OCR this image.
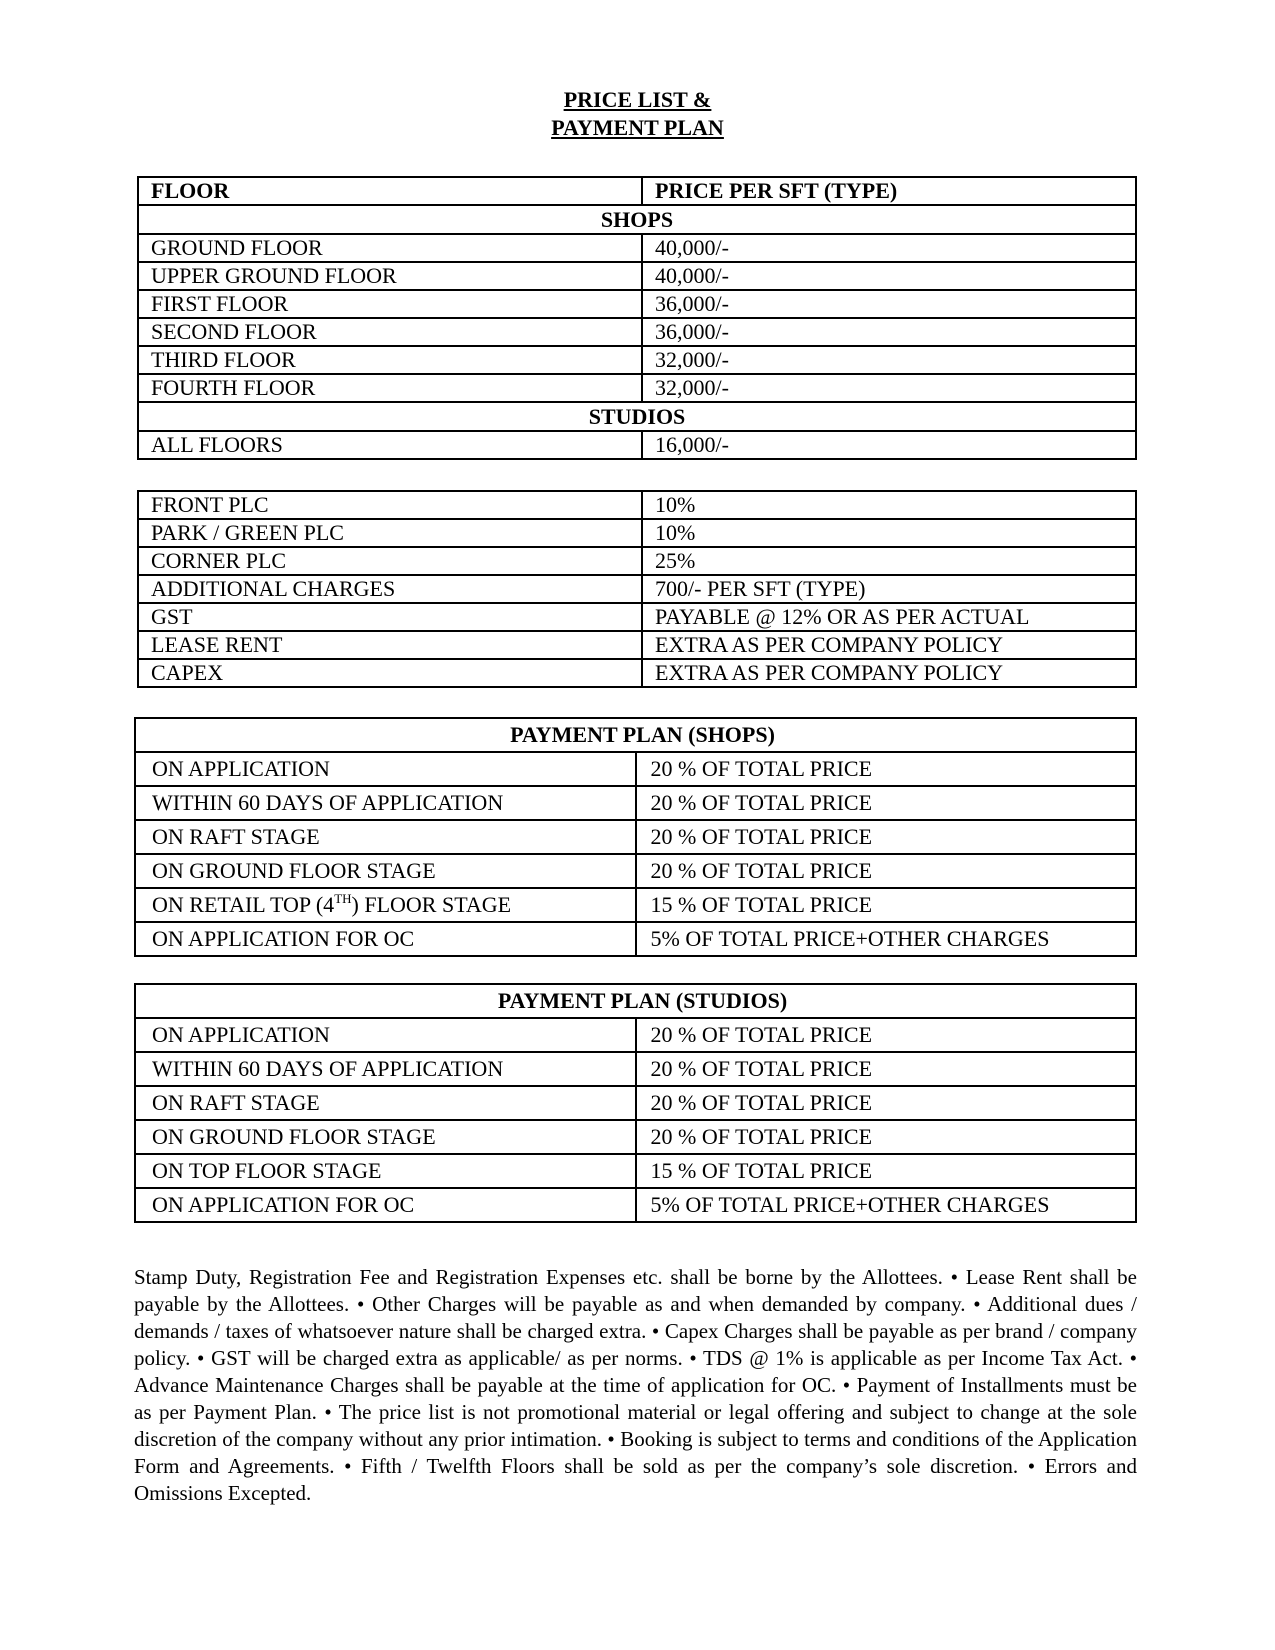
PRICE LIST &
PAYMENT PLAN
FLOOR	PRICE PER SFT (TYPE)
SHOPS	
GROUND FLOOR	40,000/-
UPPER GROUND FLOOR	40,000/-
FIRST FLOOR	36,000/-
SECOND FLOOR	36,000/-
THIRD FLOOR	32,000/-
FOURTH FLOOR	32,000/-
STUDIOS	
ALL FLOORS	16,000/-
FRONT PLC	10%
PARK / GREEN PLC	10%
CORNER PLC	25%
ADDITIONAL CHARGES	700/- PER SFT (TYPE)
GST	PAYABLE @ 12% OR AS PER ACTUAL
LEASE RENT	EXTRA AS PER COMPANY POLICY
CAPEX	EXTRA AS PER COMPANY POLICY
PAYMENT PLAN (SHOPS)	
ON APPLICATION	20 % OF TOTAL PRICE
WITHIN 60 DAYS OF APPLICATION	20 % OF TOTAL PRICE
ON RAFT STAGE	20 % OF TOTAL PRICE
ON GROUND FLOOR STAGE	20 % OF TOTAL PRICE
ON RETAIL TOP (4TH) FLOOR STAGE	15 % OF TOTAL PRICE
ON APPLICATION FOR OC	5% OF TOTAL PRICE+OTHER CHARGES
PAYMENT PLAN (STUDIOS)	
ON APPLICATION	20 % OF TOTAL PRICE
WITHIN 60 DAYS OF APPLICATION	20 % OF TOTAL PRICE
ON RAFT STAGE	20 % OF TOTAL PRICE
ON GROUND FLOOR STAGE	20 % OF TOTAL PRICE
ON TOP FLOOR STAGE	15 % OF TOTAL PRICE
ON APPLICATION FOR OC	5% OF TOTAL PRICE+OTHER CHARGES

Stamp Duty, Registration Fee and Registration Expenses etc. shall be borne by the Allottees. • Lease Rent shall be payable by the Allottees. • Other Charges will be payable as and when demanded by company. • Additional dues / demands / taxes of whatsoever nature shall be charged extra. • Capex Charges shall be payable as per brand / company policy. • GST will be charged extra as applicable/ as per norms. • TDS @ 1% is applicable as per Income Tax Act. • Advance Maintenance Charges shall be payable at the time of application for OC. • Payment of Installments must be as per Payment Plan. • The price list is not promotional material or legal offering and subject to change at the sole discretion of the company without any prior intimation. • Booking is subject to terms and conditions of the Application Form and Agreements. • Fifth / Twelfth Floors shall be sold as per the company’s sole discretion. • Errors and Omissions Excepted.
